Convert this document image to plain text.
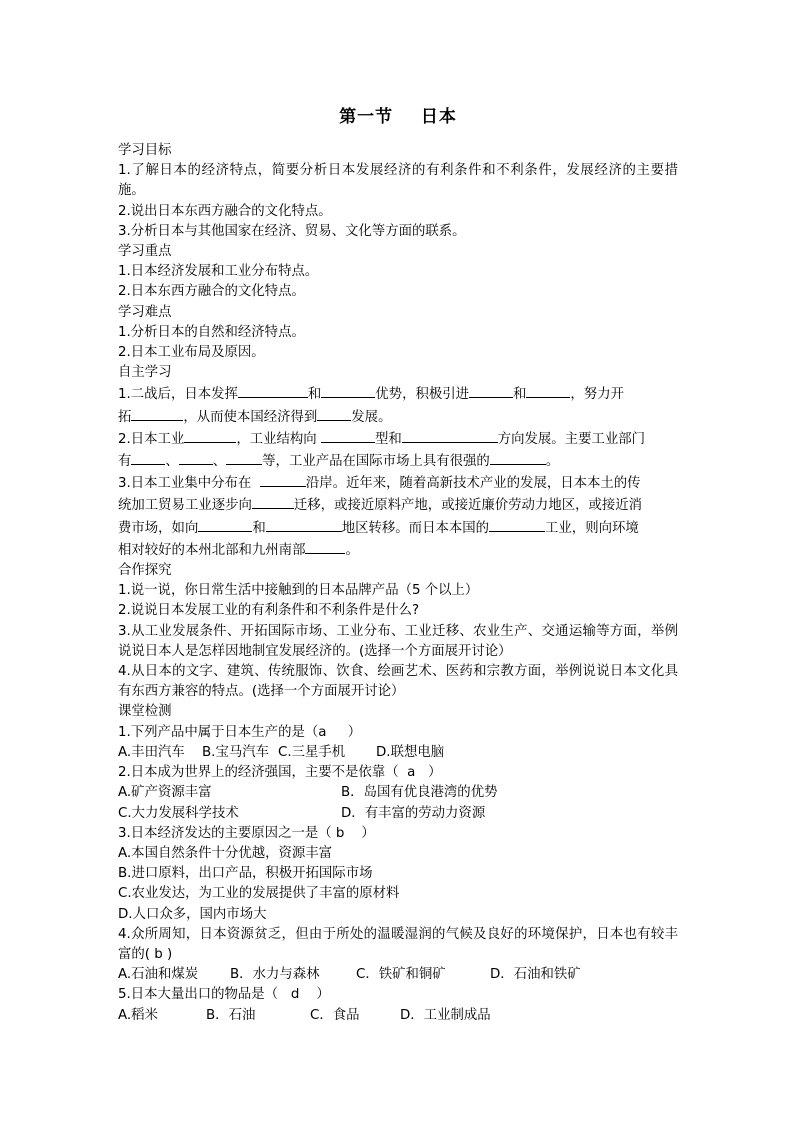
第一节    日本
学习目标
1.了解日本的经济特点，简要分析日本发展经济的有利条件和不利条件，发展经济的主要措施。
2.说出日本东西方融合的文化特点。
3.分析日本与其他国家在经济、贸易、文化等方面的联系。
学习重点
1.日本经济发展和工业分布特点。
2.日本东西方融合的文化特点。
学习难点
1.分析日本的自然和经济特点。
2.日本工业布局及原因。
自主学习
1.二战后，日本发挥	和	优势，积极引进	和	，努力开
拓	，从而使本国经济得到	发展。
2.日本工业	，工业结构向	型和	方向发展。主要工业部门
有	、	、	等，工业产品在国际市场上具有很强的	。
3.日本工业集中分布在	沿岸。近年来，随着高新技术产业的发展，日本本土的传
统加工贸易工业逐步向	迁移，或接近原料产地，或接近廉价劳动力地区，或接近消
费市场，如向	和	地区转移。而日本本国的	工业，则向环境
相对较好的本州北部和九州南部	。
合作探究
1.说一说，你日常生活中接触到的日本品牌产品（5 个以上）
2.说说日本发展工业的有利条件和不利条件是什么?
3.从工业发展条件、开拓国际市场、工业分布、工业迁移、农业生产、交通运输等方面，举例说说日本人是怎样因地制宜发展经济的。(选择一个方面展开讨论）
4.从日本的文字、建筑、传统服饰、饮食、绘画艺术、医药和宗教方面，举例说说日本文化具有东西方兼容的特点。(选择一个方面展开讨论）
课堂检测
1.下列产品中属于日本生产的是（a     ）
A.丰田汽车	B.宝马汽车 C.三星手机	D.联想电脑
2.日本成为世界上的经济强国，主要不是依靠（  a   ）
A.矿产资源丰富	B．岛国有优良港湾的优势
C.大力发展科学技术	D．有丰富的劳动力资源
3.日本经济发达的主要原因之一是（ b    ）
A.本国自然条件十分优越，资源丰富
B.进口原料，出口产品，积极开拓国际市场
C.农业发达，为工业的发展提供了丰富的原材料
D.人口众多，国内市场大
4.众所周知，日本资源贫乏，但由于所处的温暖湿润的气候及良好的环境保护，日本也有较丰富的( b )
A.石油和煤炭	B．水力与森林	C．铁矿和铜矿	D．石油和铁矿
5.日本大量出口的物品是（   d    ）
A.稻米	B．石油	C．食品	D．工业制成品
